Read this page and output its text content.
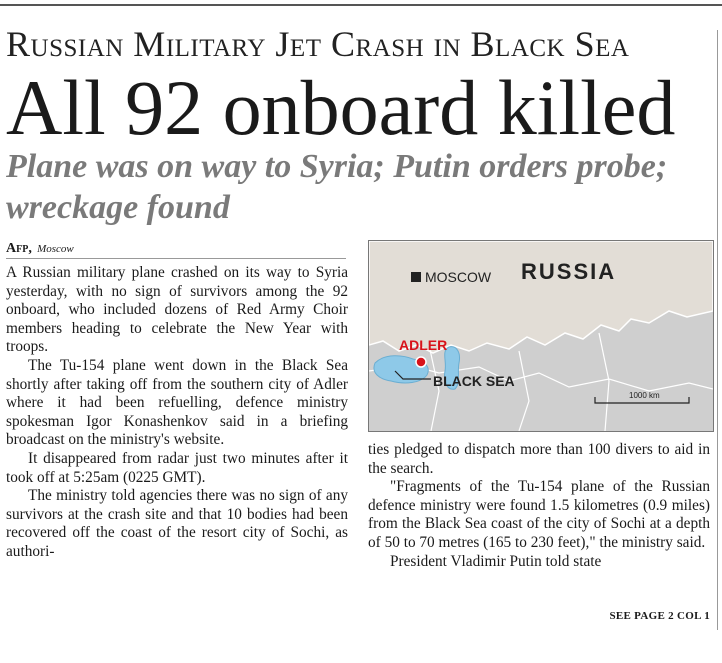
Russian Military Jet Crash in Black Sea
All 92 onboard killed
Plane was on way to Syria; Putin orders probe; wreckage found
Afp, Moscow

A Russian military plane crashed on its way to Syria yesterday, with no sign of survivors among the 92 onboard, who included dozens of Red Army Choir members heading to celebrate the New Year with troops.

The Tu-154 plane went down in the Black Sea shortly after taking off from the southern city of Adler where it had been refuelling, defence ministry spokesman Igor Konashenkov said in a briefing broadcast on the ministry's website.

It disappeared from radar just two minutes after it took off at 5:25am (0225 GMT).

The ministry told agencies there was no sign of any survivors at the crash site and that 10 bodies had been recovered off the coast of the resort city of Sochi, as authori-

MOSCOW RUSSIA
ADLER
BLACK SEA
1000 km

ties pledged to dispatch more than 100 divers to aid in the search.

"Fragments of the Tu-154 plane of the Russian defence ministry were found 1.5 kilometres (0.9 miles) from the Black Sea coast of the city of Sochi at a depth of 50 to 70 metres (165 to 230 feet)," the ministry said.

President Vladimir Putin told state

SEE PAGE 2 COL 1
